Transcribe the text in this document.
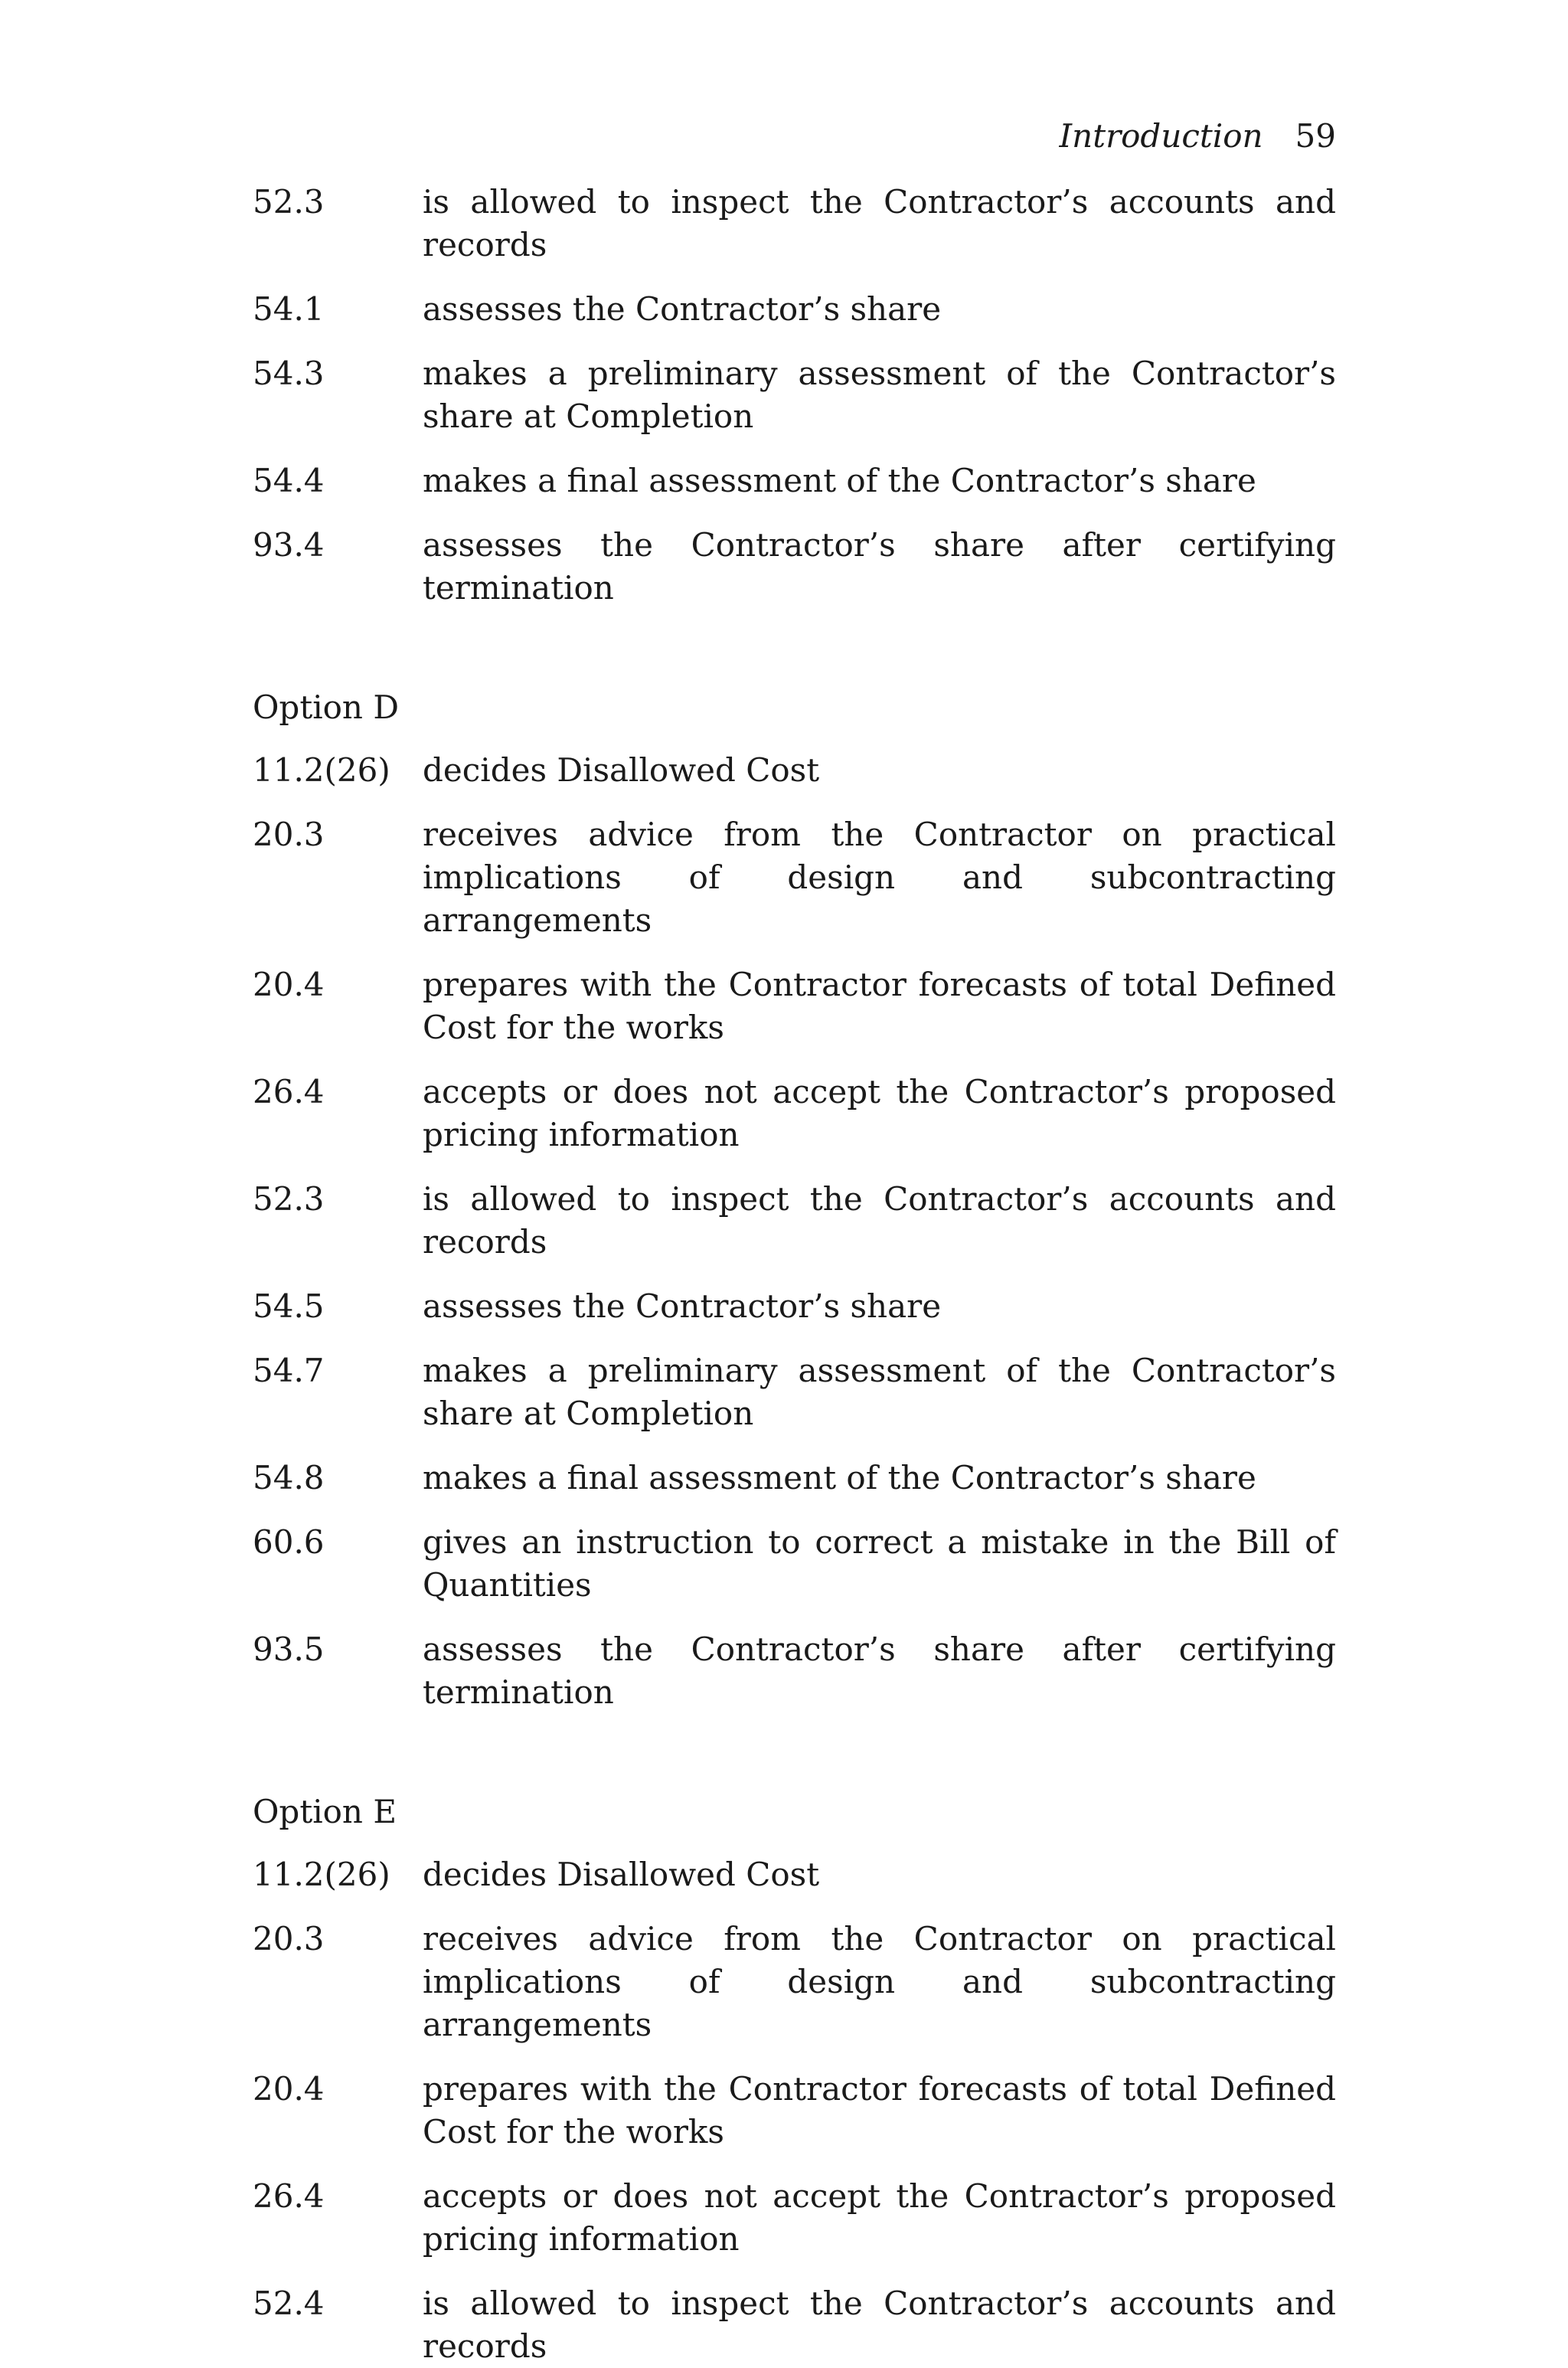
Introduction 59
52.3	is allowed to inspect the Contractor’s accounts and records
54.1	assesses the Contractor’s share
54.3	makes a preliminary assessment of the Contractor’s share at Completion
54.4	makes a final assessment of the Contractor’s share
93.4	assesses the Contractor’s share after certifying termination
Option D
11.2(26)	decides Disallowed Cost
20.3	receives advice from the Contractor on practical implications of design and subcontracting arrangements
20.4	prepares with the Contractor forecasts of total Defined Cost for the works
26.4	accepts or does not accept the Contractor’s proposed pricing information
52.3	is allowed to inspect the Contractor’s accounts and records
54.5	assesses the Contractor’s share
54.7	makes a preliminary assessment of the Contractor’s share at Completion
54.8	makes a final assessment of the Contractor’s share
60.6	gives an instruction to correct a mistake in the Bill of Quantities
93.5	assesses the Contractor’s share after certifying termination
Option E
11.2(26)	decides Disallowed Cost
20.3	receives advice from the Contractor on practical implications of design and subcontracting arrangements
20.4	prepares with the Contractor forecasts of total Defined Cost for the works
26.4	accepts or does not accept the Contractor’s proposed pricing information
52.4	is allowed to inspect the Contractor’s accounts and records
